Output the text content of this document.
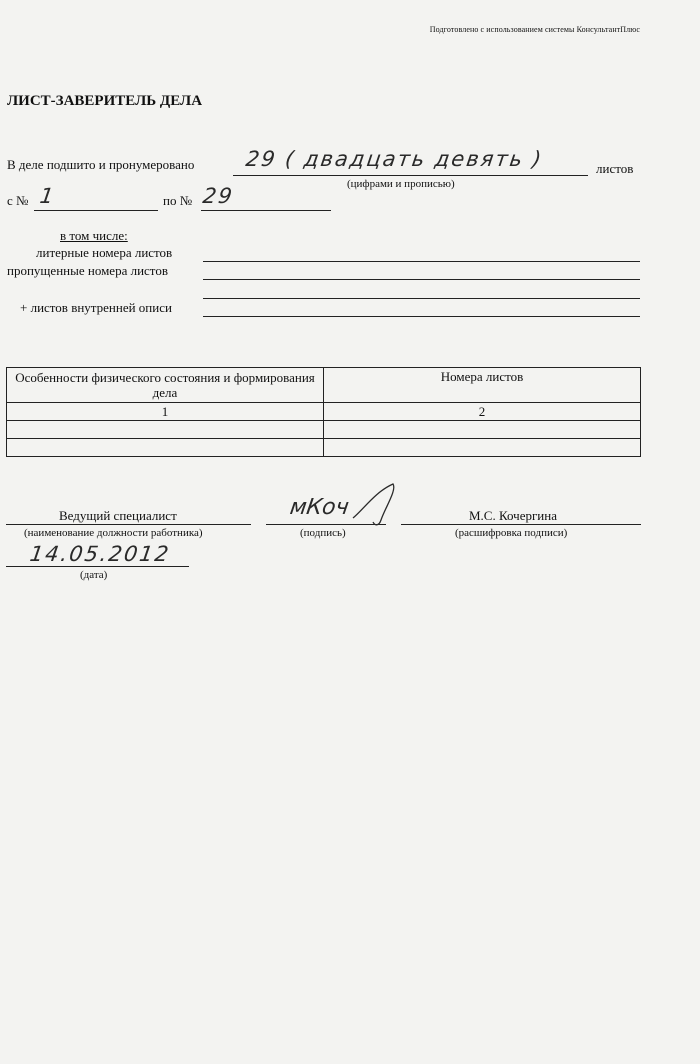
Подготовлено с использованием системы КонсультантПлюс
ЛИСТ-ЗАВЕРИТЕЛЬ ДЕЛА
В деле подшито и пронумеровано 29 ( двадцать девять )	листов
(цифрами и прописью)
с № 1	по № 29
в том числе:
литерные номера листов
пропущенные номера листов
+ листов внутренней описи
Особенности физического состояния и формирования дела	Номера листов
1	2

Ведущий специалист
(наименование должности работника)
мКоч
(подпись)
М.С. Кочергина
(расшифровка подписи)
14.05.2012
(дата)
